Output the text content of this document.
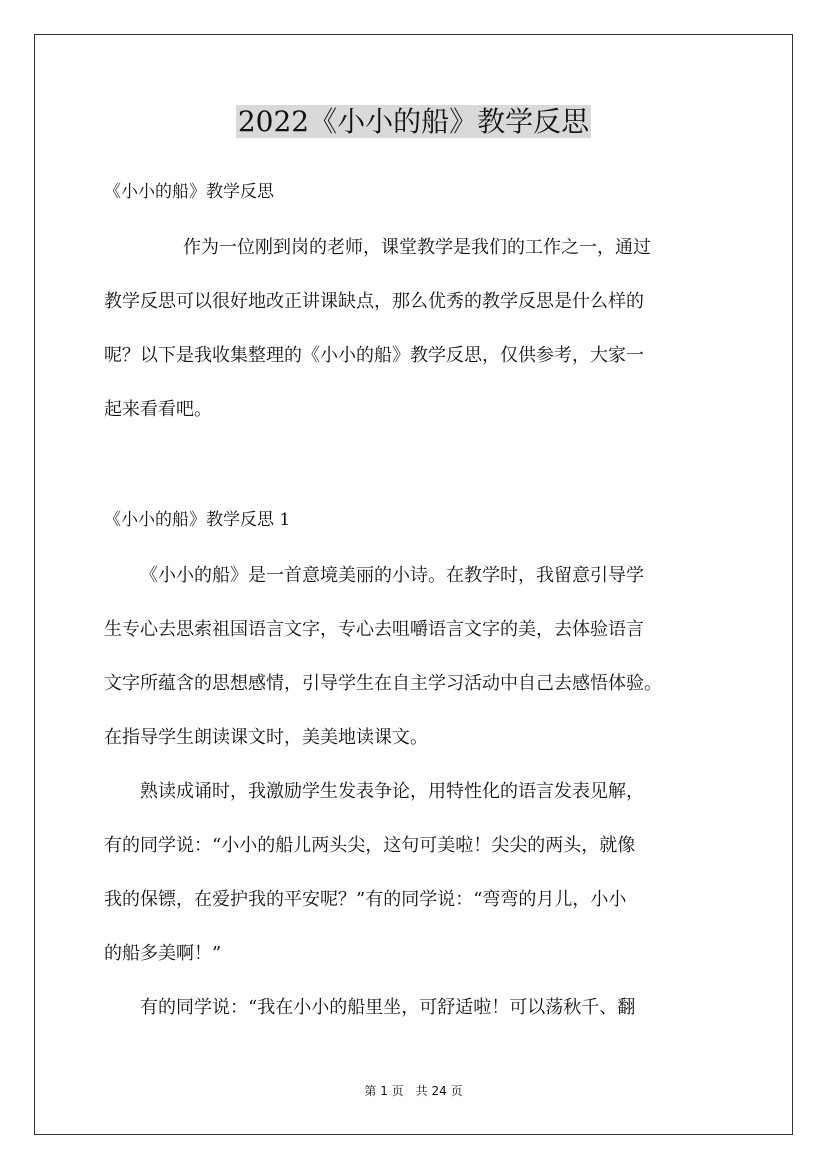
2022《小小的船》教学反思
《小小的船》教学反思
作为一位刚到岗的老师，课堂教学是我们的工作之一，通过
教学反思可以很好地改正讲课缺点，那么优秀的教学反思是什么样的
呢？以下是我收集整理的《小小的船》教学反思，仅供参考，大家一
起来看看吧。
《小小的船》教学反思 1
《小小的船》是一首意境美丽的小诗。在教学时，我留意引导学
生专心去思索祖国语言文字，专心去咀嚼语言文字的美，去体验语言
文字所蕴含的思想感情，引导学生在自主学习活动中自己去感悟体验。
在指导学生朗读课文时，美美地读课文。
熟读成诵时，我激励学生发表争论，用特性化的语言发表见解，
有的同学说：“小小的船儿两头尖，这句可美啦！尖尖的两头，就像
我的保镖，在爱护我的平安呢？”有的同学说：“弯弯的月儿，小小
的船多美啊！”
有的同学说：“我在小小的船里坐，可舒适啦！可以荡秋千、翻
第 1 页　共 24 页
